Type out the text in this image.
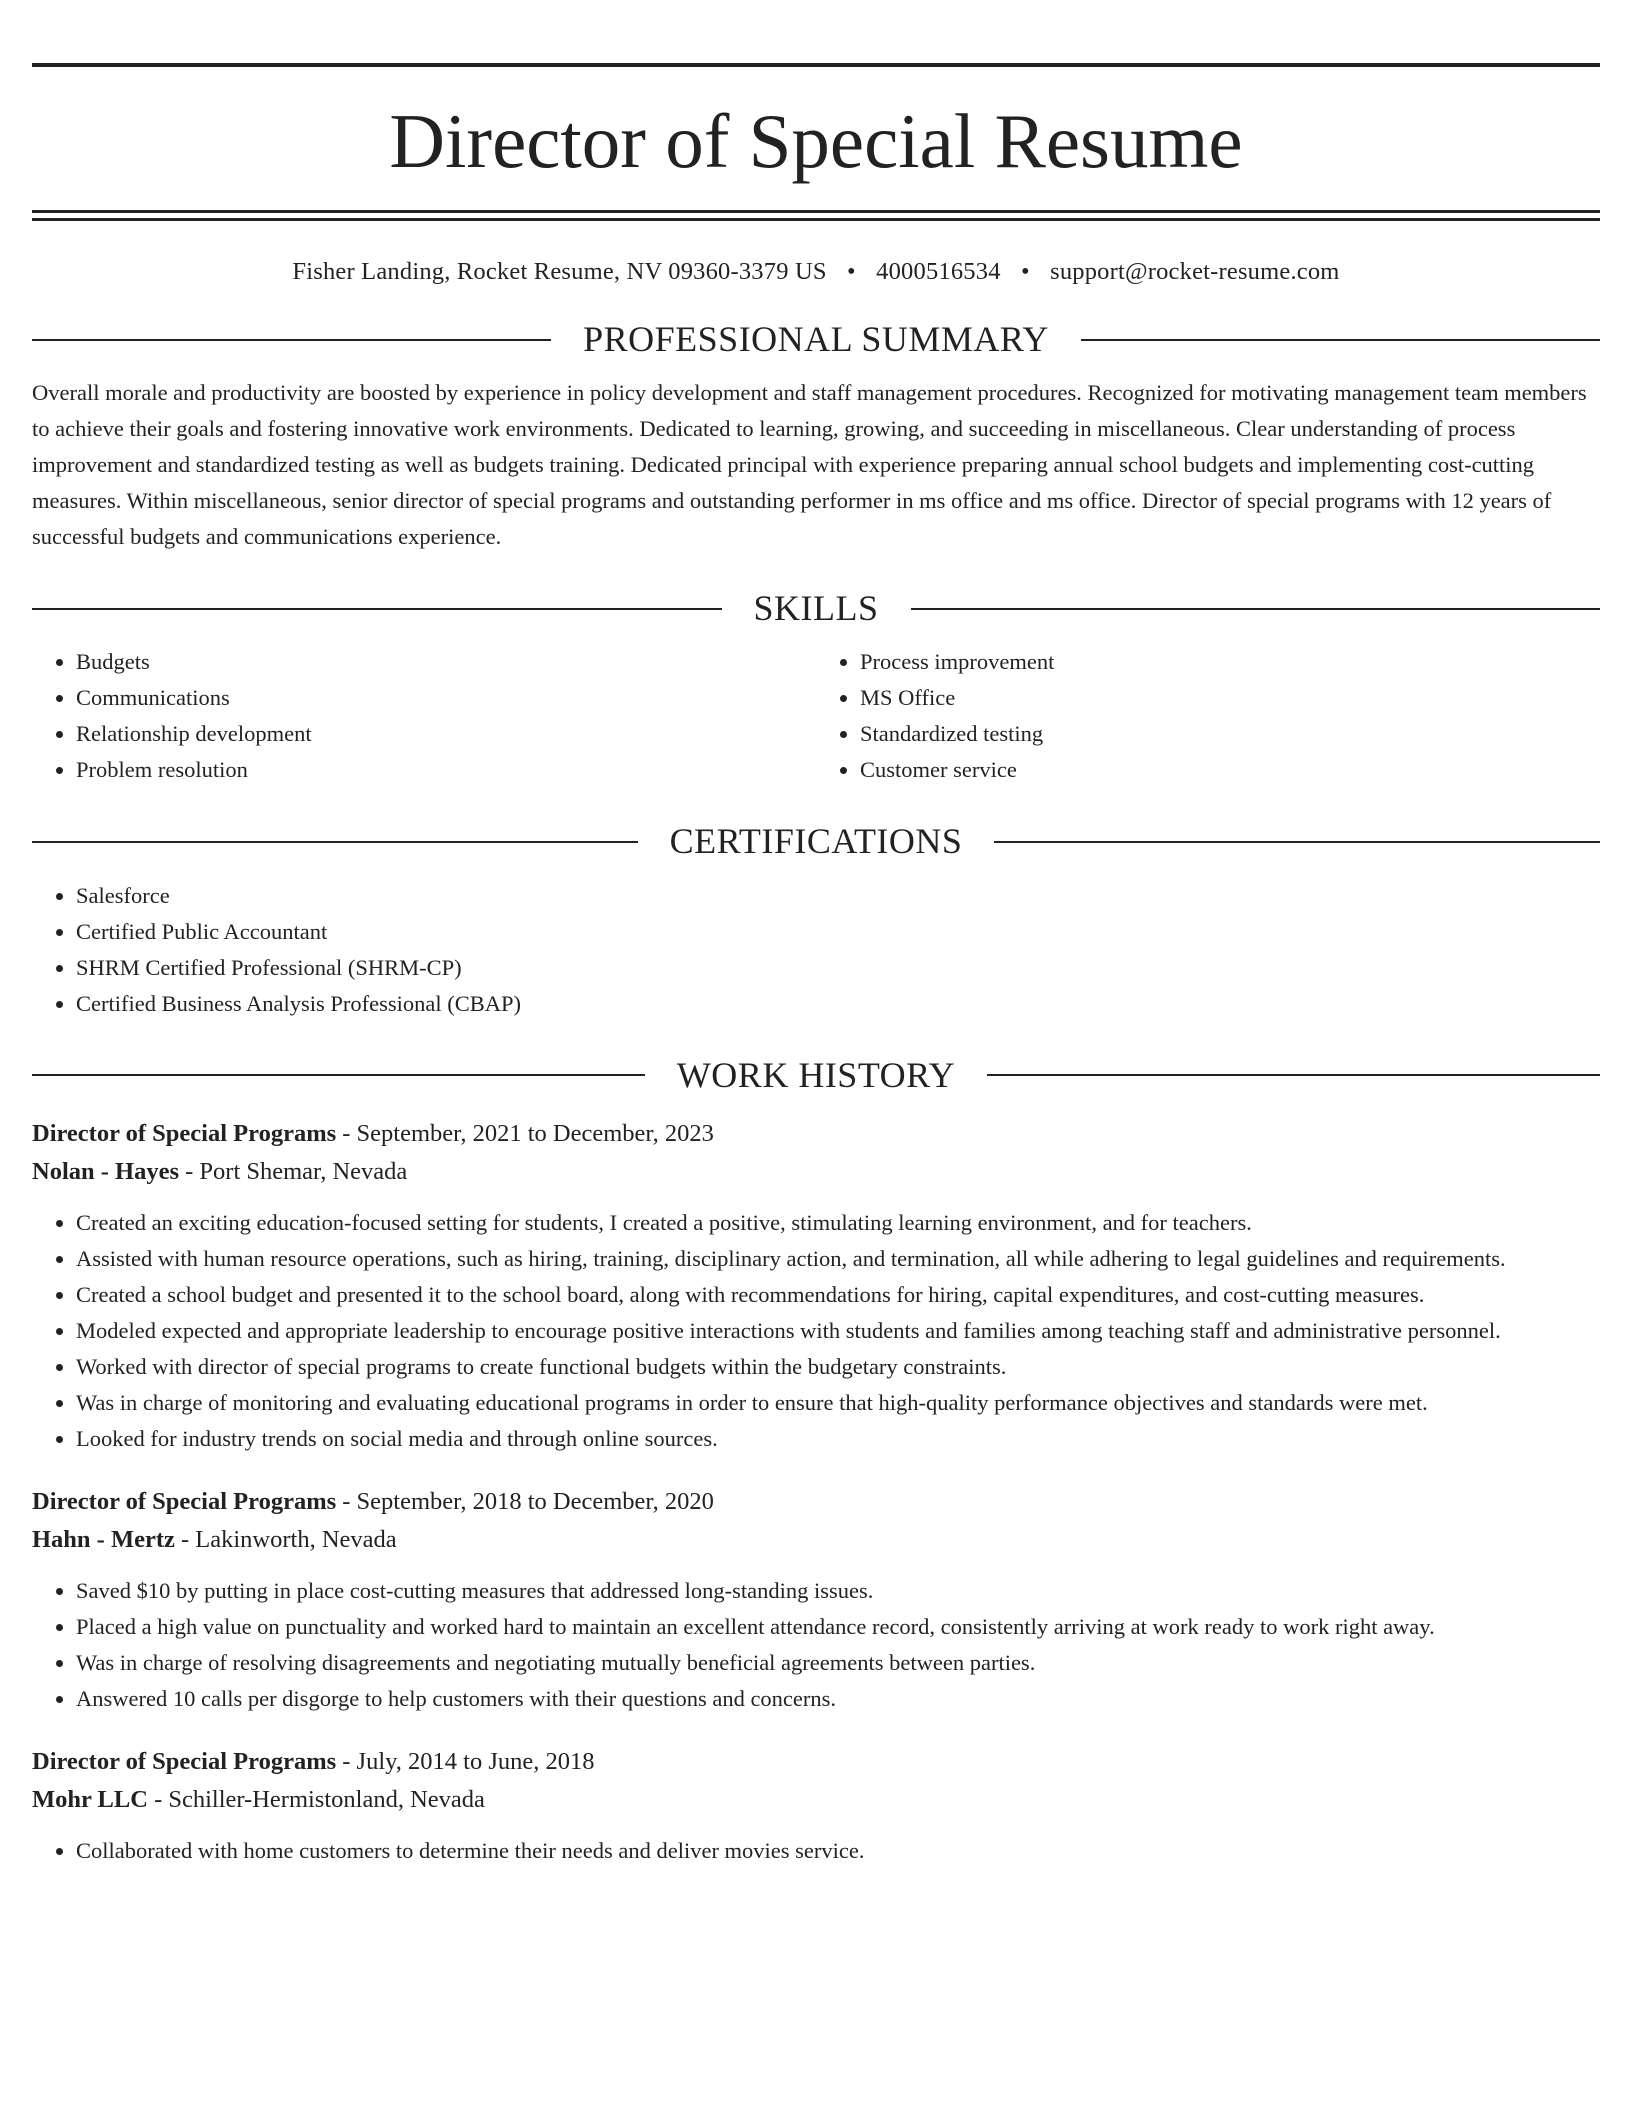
Director of Special Resume
Fisher Landing, Rocket Resume, NV 09360-3379 US • 4000516534 • support@rocket-resume.com
PROFESSIONAL SUMMARY

Overall morale and productivity are boosted by experience in policy development and staff management procedures. Recognized for motivating management team members to achieve their goals and fostering innovative work environments. Dedicated to learning, growing, and succeeding in miscellaneous. Clear understanding of process improvement and standardized testing as well as budgets training. Dedicated principal with experience preparing annual school budgets and implementing cost-cutting measures. Within miscellaneous, senior director of special programs and outstanding performer in ms office and ms office. Director of special programs with 12 years of successful budgets and communications experience.

SKILLS
• Budgets
• Communications
• Relationship development
• Problem resolution
• Process improvement
• MS Office
• Standardized testing
• Customer service
CERTIFICATIONS
• Salesforce
• Certified Public Accountant
• SHRM Certified Professional (SHRM-CP)
• Certified Business Analysis Professional (CBAP)
WORK HISTORY
Director of Special Programs - September, 2021 to December, 2023
Nolan - Hayes - Port Shemar, Nevada
• Created an exciting education-focused setting for students, I created a positive, stimulating learning environment, and for teachers.
• Assisted with human resource operations, such as hiring, training, disciplinary action, and termination, all while adhering to legal guidelines and requirements.
• Created a school budget and presented it to the school board, along with recommendations for hiring, capital expenditures, and cost-cutting measures.
• Modeled expected and appropriate leadership to encourage positive interactions with students and families among teaching staff and administrative personnel.
• Worked with director of special programs to create functional budgets within the budgetary constraints.
• Was in charge of monitoring and evaluating educational programs in order to ensure that high-quality performance objectives and standards were met.
• Looked for industry trends on social media and through online sources.
Director of Special Programs - September, 2018 to December, 2020
Hahn - Mertz - Lakinworth, Nevada
• Saved $10 by putting in place cost-cutting measures that addressed long-standing issues.
• Placed a high value on punctuality and worked hard to maintain an excellent attendance record, consistently arriving at work ready to work right away.
• Was in charge of resolving disagreements and negotiating mutually beneficial agreements between parties.
• Answered 10 calls per disgorge to help customers with their questions and concerns.
Director of Special Programs - July, 2014 to June, 2018
Mohr LLC - Schiller-Hermistonland, Nevada
• Collaborated with home customers to determine their needs and deliver movies service.
